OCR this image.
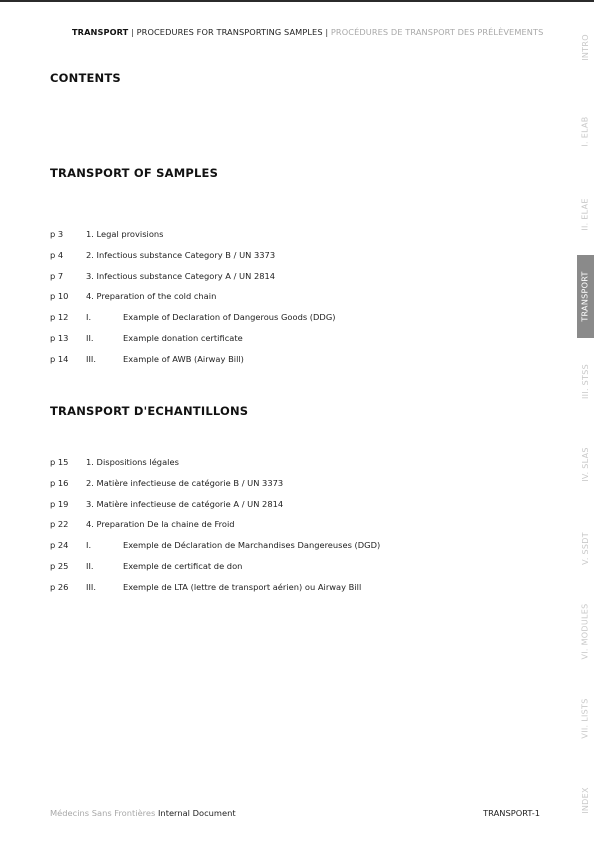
TRANSPORT | PROCEDURES FOR TRANSPORTING SAMPLES | PROCÉDURES DE TRANSPORT DES PRÉLÈVEMENTS
CONTENTS
TRANSPORT OF SAMPLES
p 3	1. Legal provisions
p 4	2. Infectious substance Category B / UN 3373
p 7	3. Infectious substance Category A / UN 2814
p 10 4. Preparation of the cold chain
p 12 I.	Example of Declaration of Dangerous Goods (DDG)
p 13 II.	Example donation certificate
p 14 III.	Example of AWB (Airway Bill)
TRANSPORT D'ECHANTILLONS
p 15 1. Dispositions légales
p 16 2. Matière infectieuse de catégorie B / UN 3373
p 19 3. Matière infectieuse de catégorie A / UN 2814
p 22 4. Preparation De la chaine de Froid
p 24 I.	Exemple de Déclaration de Marchandises Dangereuses (DGD)
p 25 II.	Exemple de certificat de don
p 26 III.	Exemple de LTA (lettre de transport aérien) ou Airway Bill
Médecins Sans Frontières Internal Document	TRANSPORT-1
INTRO
I. ELAB
II. ELAE
TRANSPORT
III. STSS
IV. SLAS
V. SSDT
VI. MODULES
VII. LISTS
INDEX
